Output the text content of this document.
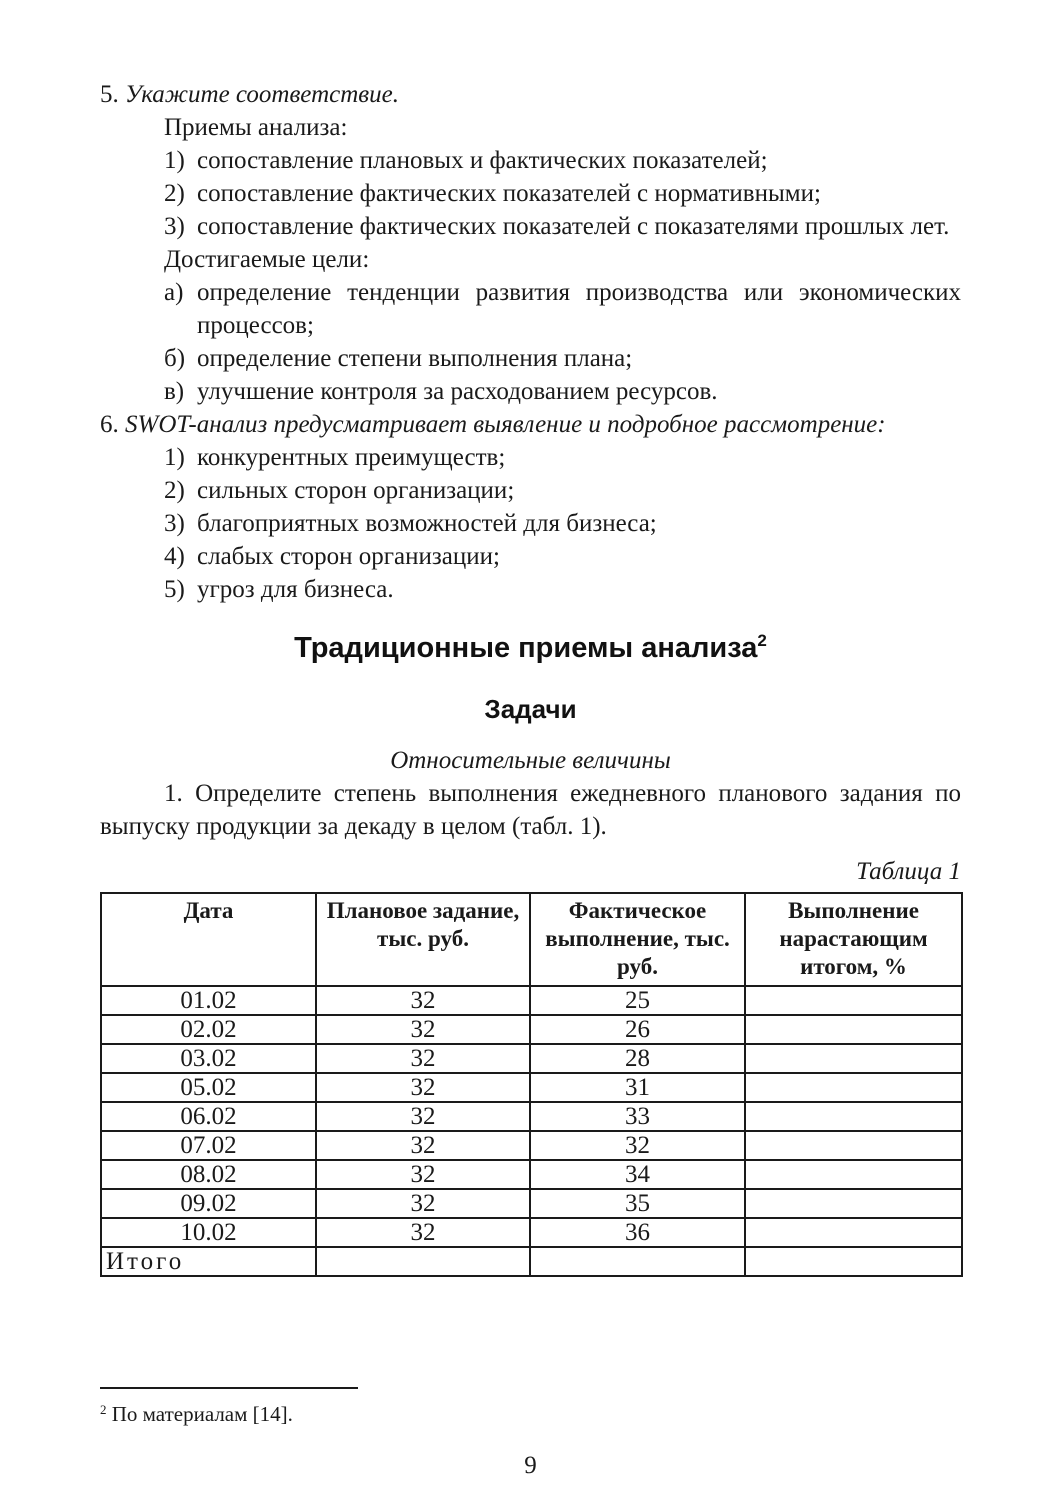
5. Укажите соответствие.
Приемы анализа:
1) сопоставление плановых и фактических показателей;
2) сопоставление фактических показателей с нормативными;
3) сопоставление фактических показателей с показателями прошлых лет.
Достигаемые цели:
а) определение тенденции развития производства или экономических процессов;
б) определение степени выполнения плана;
в) улучшение контроля за расходованием ресурсов.
6. SWOT-анализ предусматривает выявление и подробное рассмотрение:
1) конкурентных преимуществ;
2) сильных сторон организации;
3) благоприятных возможностей для бизнеса;
4) слабых сторон организации;
5) угроз для бизнеса.
Традиционные приемы анализа$^2$
Задачи
Относительные величины
1. Определите степень выполнения ежедневного планового задания по выпуску продукции за декаду в целом (табл. 1).
Таблица 1
Дата	Плановое задание, тыс. руб.	Фактическое выполнение, тыс. руб.	Выполнение нарастающим итогом, %
01.02	32	25	
02.02	32	26	
03.02	32	28	
05.02	32	31	
06.02	32	33	
07.02	32	32	
08.02	32	34	
09.02	32	35	
10.02	32	36	
Итого			
$^2$ По материалам [14].
9
